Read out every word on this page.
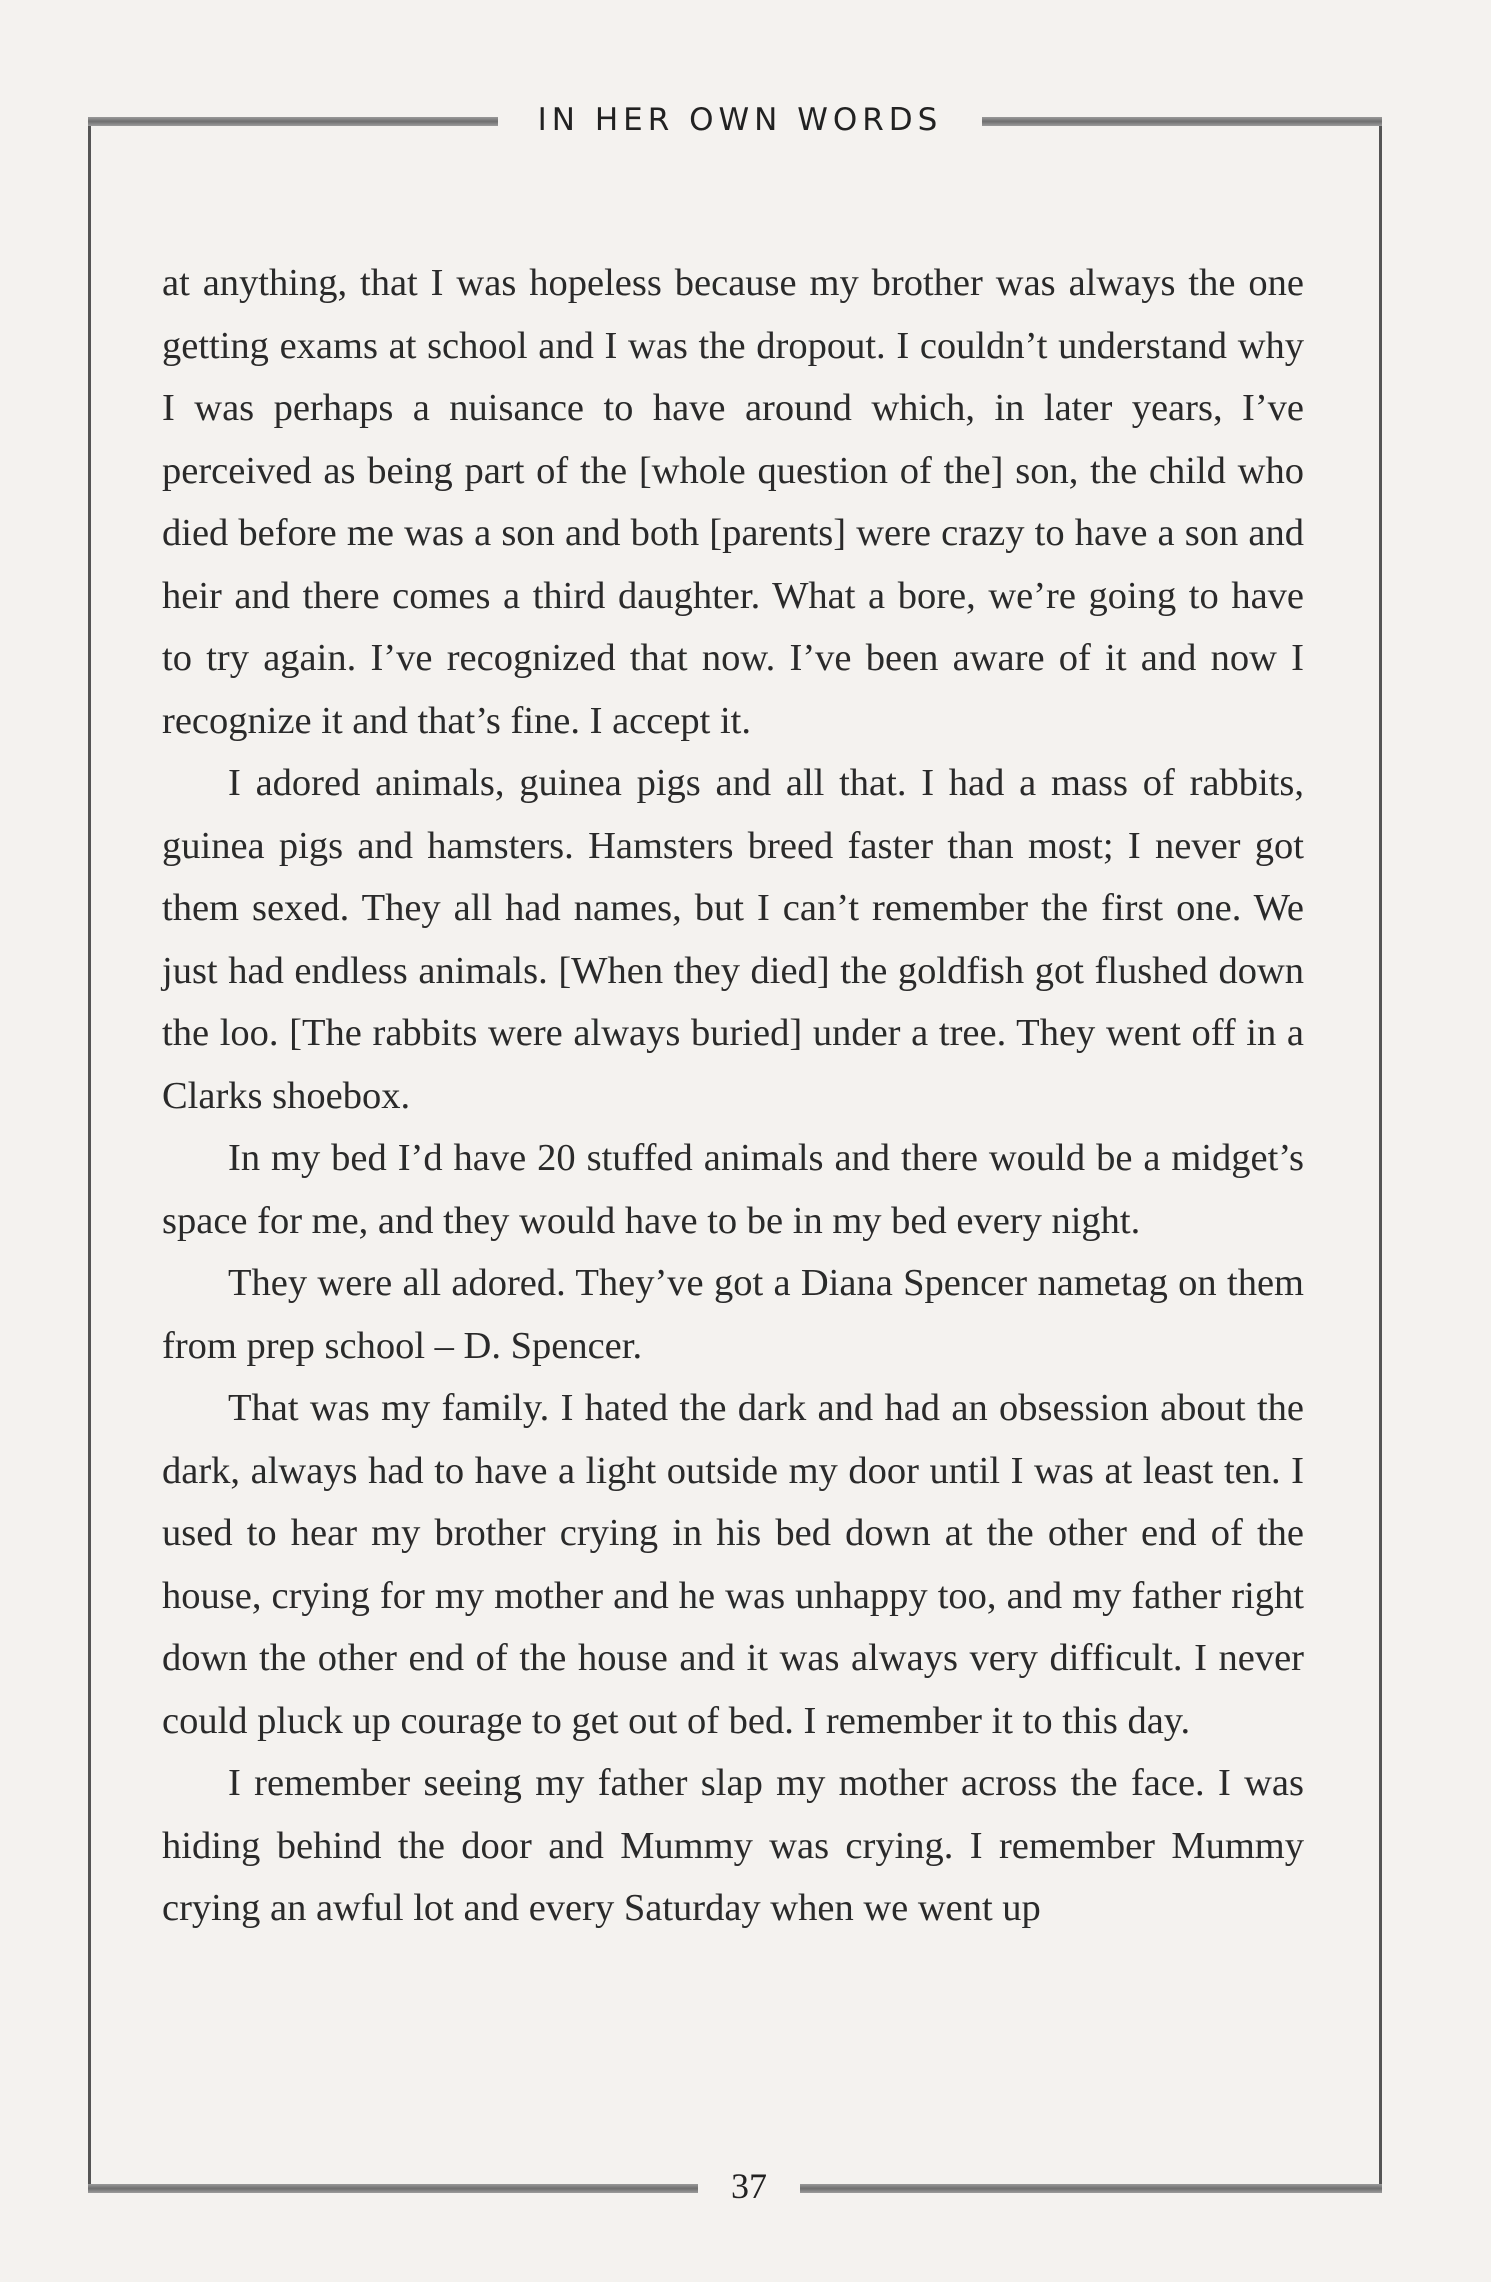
IN HER OWN WORDS

at anything, that I was hopeless because my brother was always the one getting exams at school and I was the dropout. I couldn’t understand why I was perhaps a nuisance to have around which, in later years, I’ve perceived as being part of the [whole question of the] son, the child who died before me was a son and both [parents] were crazy to have a son and heir and there comes a third daughter. What a bore, we’re going to have to try again. I’ve recognized that now. I’ve been aware of it and now I recognize it and that’s fine. I accept it.

I adored animals, guinea pigs and all that. I had a mass of rabbits, guinea pigs and hamsters. Hamsters breed faster than most; I never got them sexed. They all had names, but I can’t remember the first one. We just had endless animals. [When they died] the goldfish got flushed down the loo. [The rabbits were always buried] under a tree. They went off in a Clarks shoebox.

In my bed I’d have 20 stuffed animals and there would be a midget’s space for me, and they would have to be in my bed every night.

They were all adored. They’ve got a Diana Spencer nametag on them from prep school – D. Spencer.

That was my family. I hated the dark and had an obsession about the dark, always had to have a light outside my door until I was at least ten. I used to hear my brother crying in his bed down at the other end of the house, crying for my mother and he was unhappy too, and my father right down the other end of the house and it was always very difficult. I never could pluck up courage to get out of bed. I remember it to this day.

I remember seeing my father slap my mother across the face. I was hiding behind the door and Mummy was crying. I remember Mummy crying an awful lot and every Saturday when we went up

37
